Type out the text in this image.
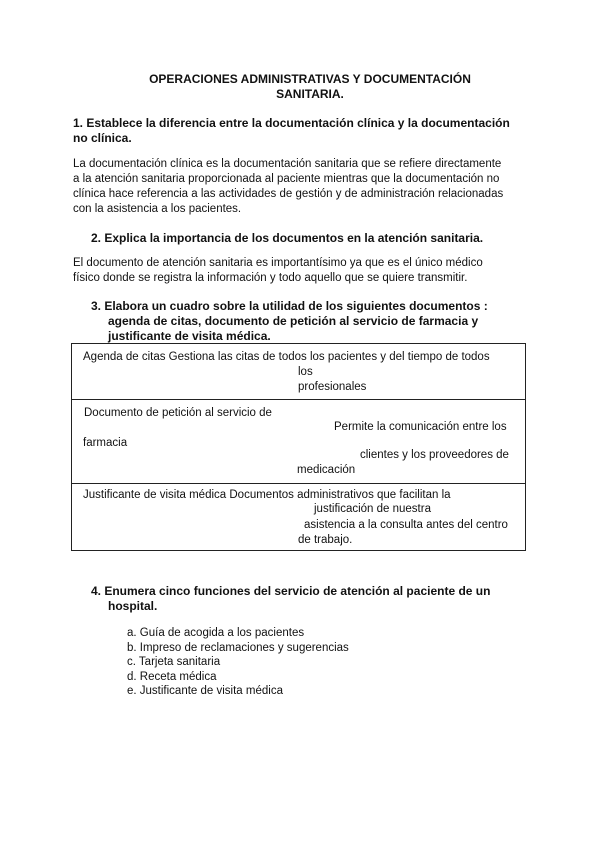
OPERACIONES ADMINISTRATIVAS Y DOCUMENTACIÓN
SANITARIA.
1. Establece la diferencia entre la documentación clínica y la documentación
no clínica.
La documentación clínica es la documentación sanitaria que se refiere directamente
a la atención sanitaria proporcionada al paciente mientras que la documentación no
clínica hace referencia a las actividades de gestión y de administración relacionadas
con la asistencia a los pacientes.
2. Explica la importancia de los documentos en la atención sanitaria.
El documento de atención sanitaria es importantísimo ya que es el único médico
físico donde se registra la información y todo aquello que se quiere transmitir.
3. Elabora un cuadro sobre la utilidad de los siguientes documentos :
agenda de citas, documento de petición al servicio de farmacia y
justificante de visita médica.
Agenda de citas Gestiona las citas de todos los pacientes y del tiempo de todos
los
profesionales
Documento de petición al servicio de
Permite la comunicación entre los
farmacia
clientes y los proveedores de
medicación
Justificante de visita médica Documentos administrativos que facilitan la
justificación de nuestra
asistencia a la consulta antes del centro
de trabajo.
4. Enumera cinco funciones del servicio de atención al paciente de un
hospital.
a. Guía de acogida a los pacientes
b. Impreso de reclamaciones y sugerencias
c. Tarjeta sanitaria
d. Receta médica
e. Justificante de visita médica
